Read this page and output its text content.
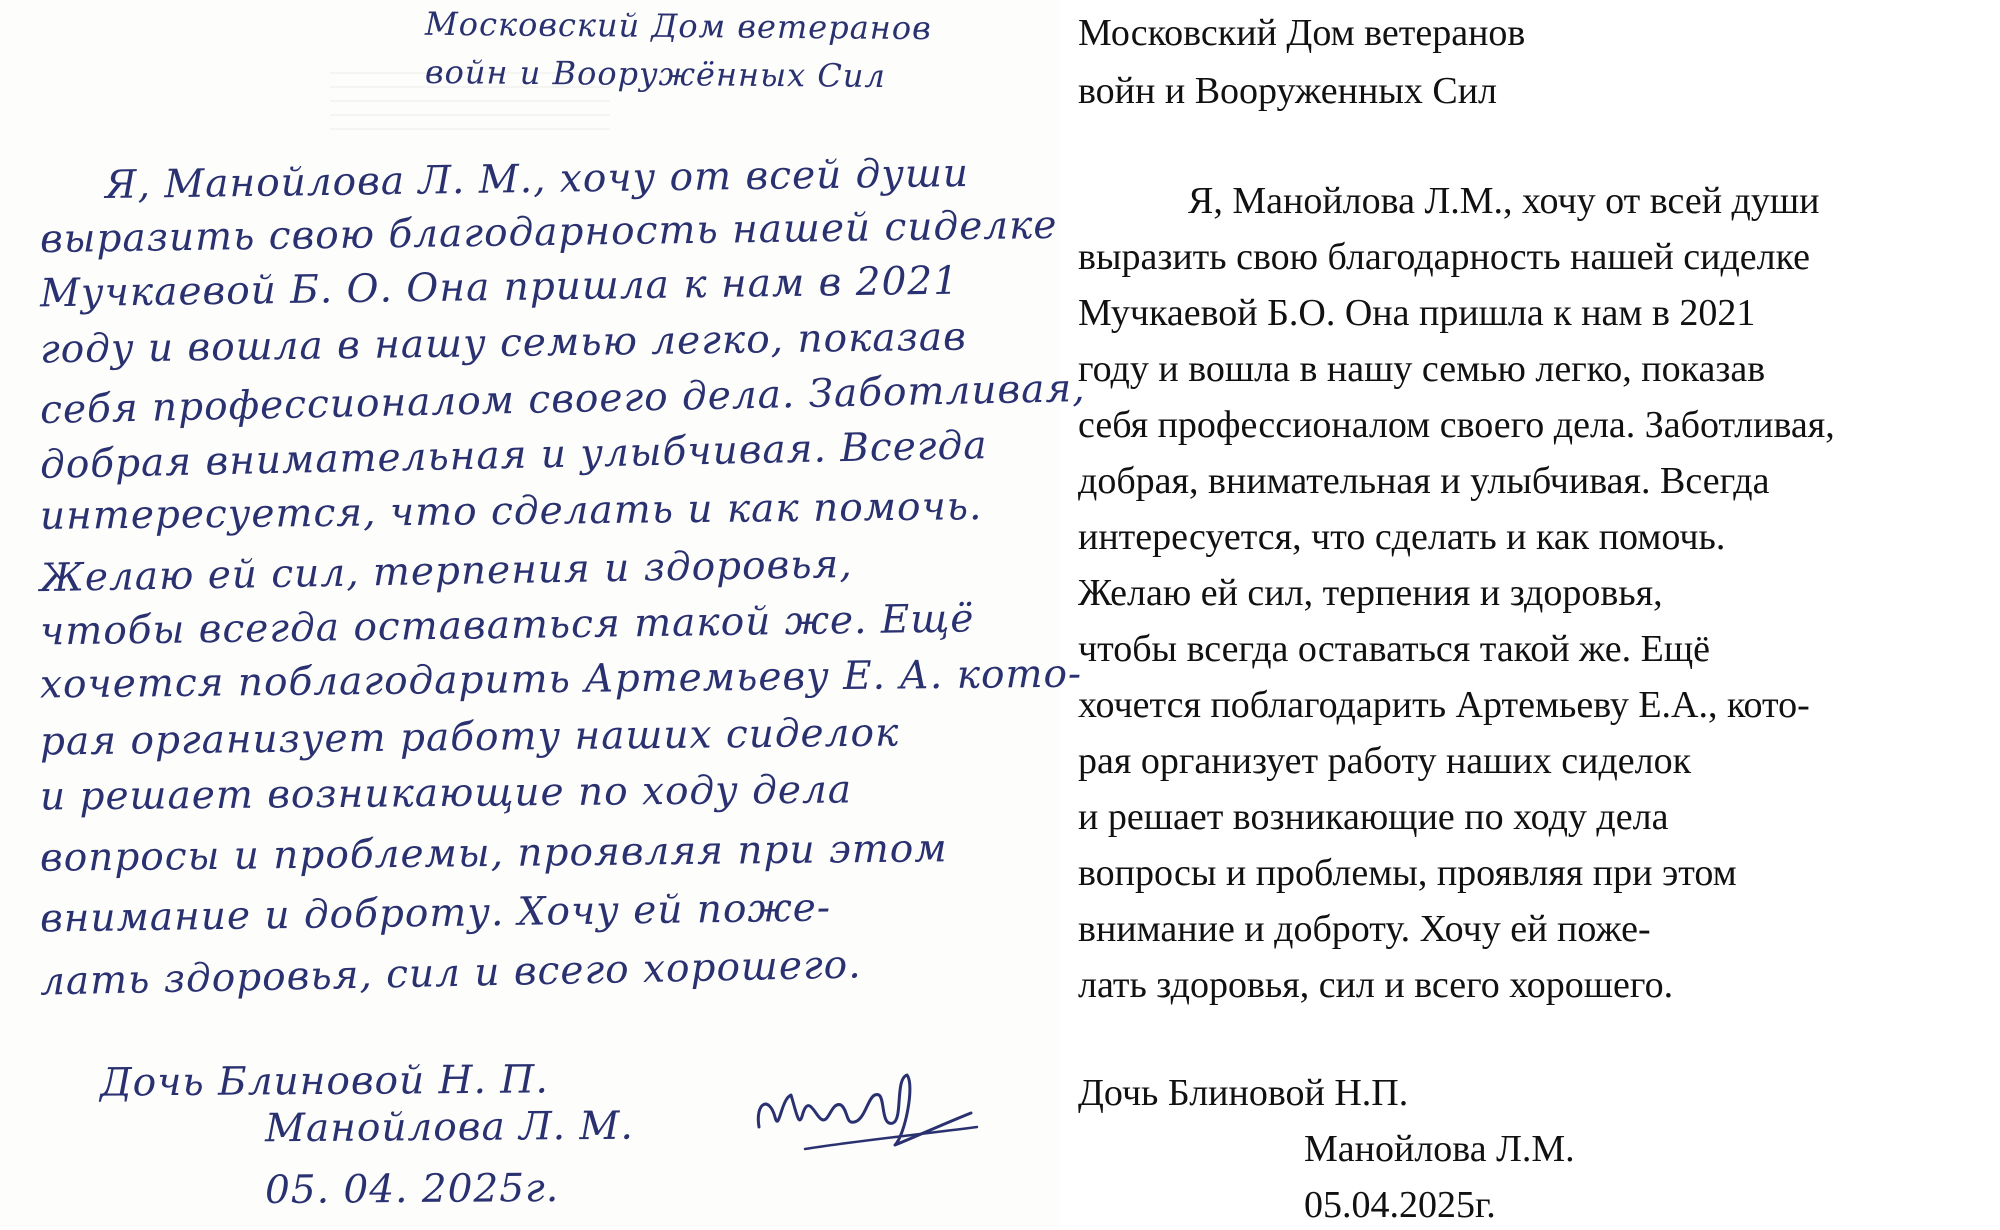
Московский Дом ветеранов
войн и Вооружённых Сил
Я, Манойлова Л. М., хочу от всей души
выразить свою благодарность нашей сиделке
Мучкаевой Б. О. Она пришла к нам в 2021
году и вошла в нашу семью легко, показав
себя профессионалом своего дела. Заботливая,
добрая внимательная и улыбчивая. Всегда
интересуется, что сделать и как помочь.
Желаю ей сил, терпения и здоровья,
чтобы всегда оставаться такой же. Ещё
хочется поблагодарить Артемьеву Е. А. кото-
рая организует работу наших сиделок
и решает возникающие по ходу дела
вопросы и проблемы, проявляя при этом
внимание и доброту. Хочу ей поже-
лать здоровья, сил и всего хорошего.
Дочь Блиновой Н. П.
Манойлова Л. М.
05. 04. 2025г.
Московский Дом ветеранов
войн и Вооруженных Сил
Я, Манойлова Л.М., хочу от всей души
выразить свою благодарность нашей сиделке
Мучкаевой Б.О. Она пришла к нам в 2021
году и вошла в нашу семью легко, показав
себя профессионалом своего дела. Заботливая,
добрая, внимательная и улыбчивая. Всегда
интересуется, что сделать и как помочь.
Желаю ей сил, терпения и здоровья,
чтобы всегда оставаться такой же. Ещё
хочется поблагодарить Артемьеву Е.А., кото-
рая организует работу наших сиделок
и решает возникающие по ходу дела
вопросы и проблемы, проявляя при этом
внимание и доброту. Хочу ей поже-
лать здоровья, сил и всего хорошего.
Дочь Блиновой Н.П.
Манойлова Л.М.
05.04.2025г.
